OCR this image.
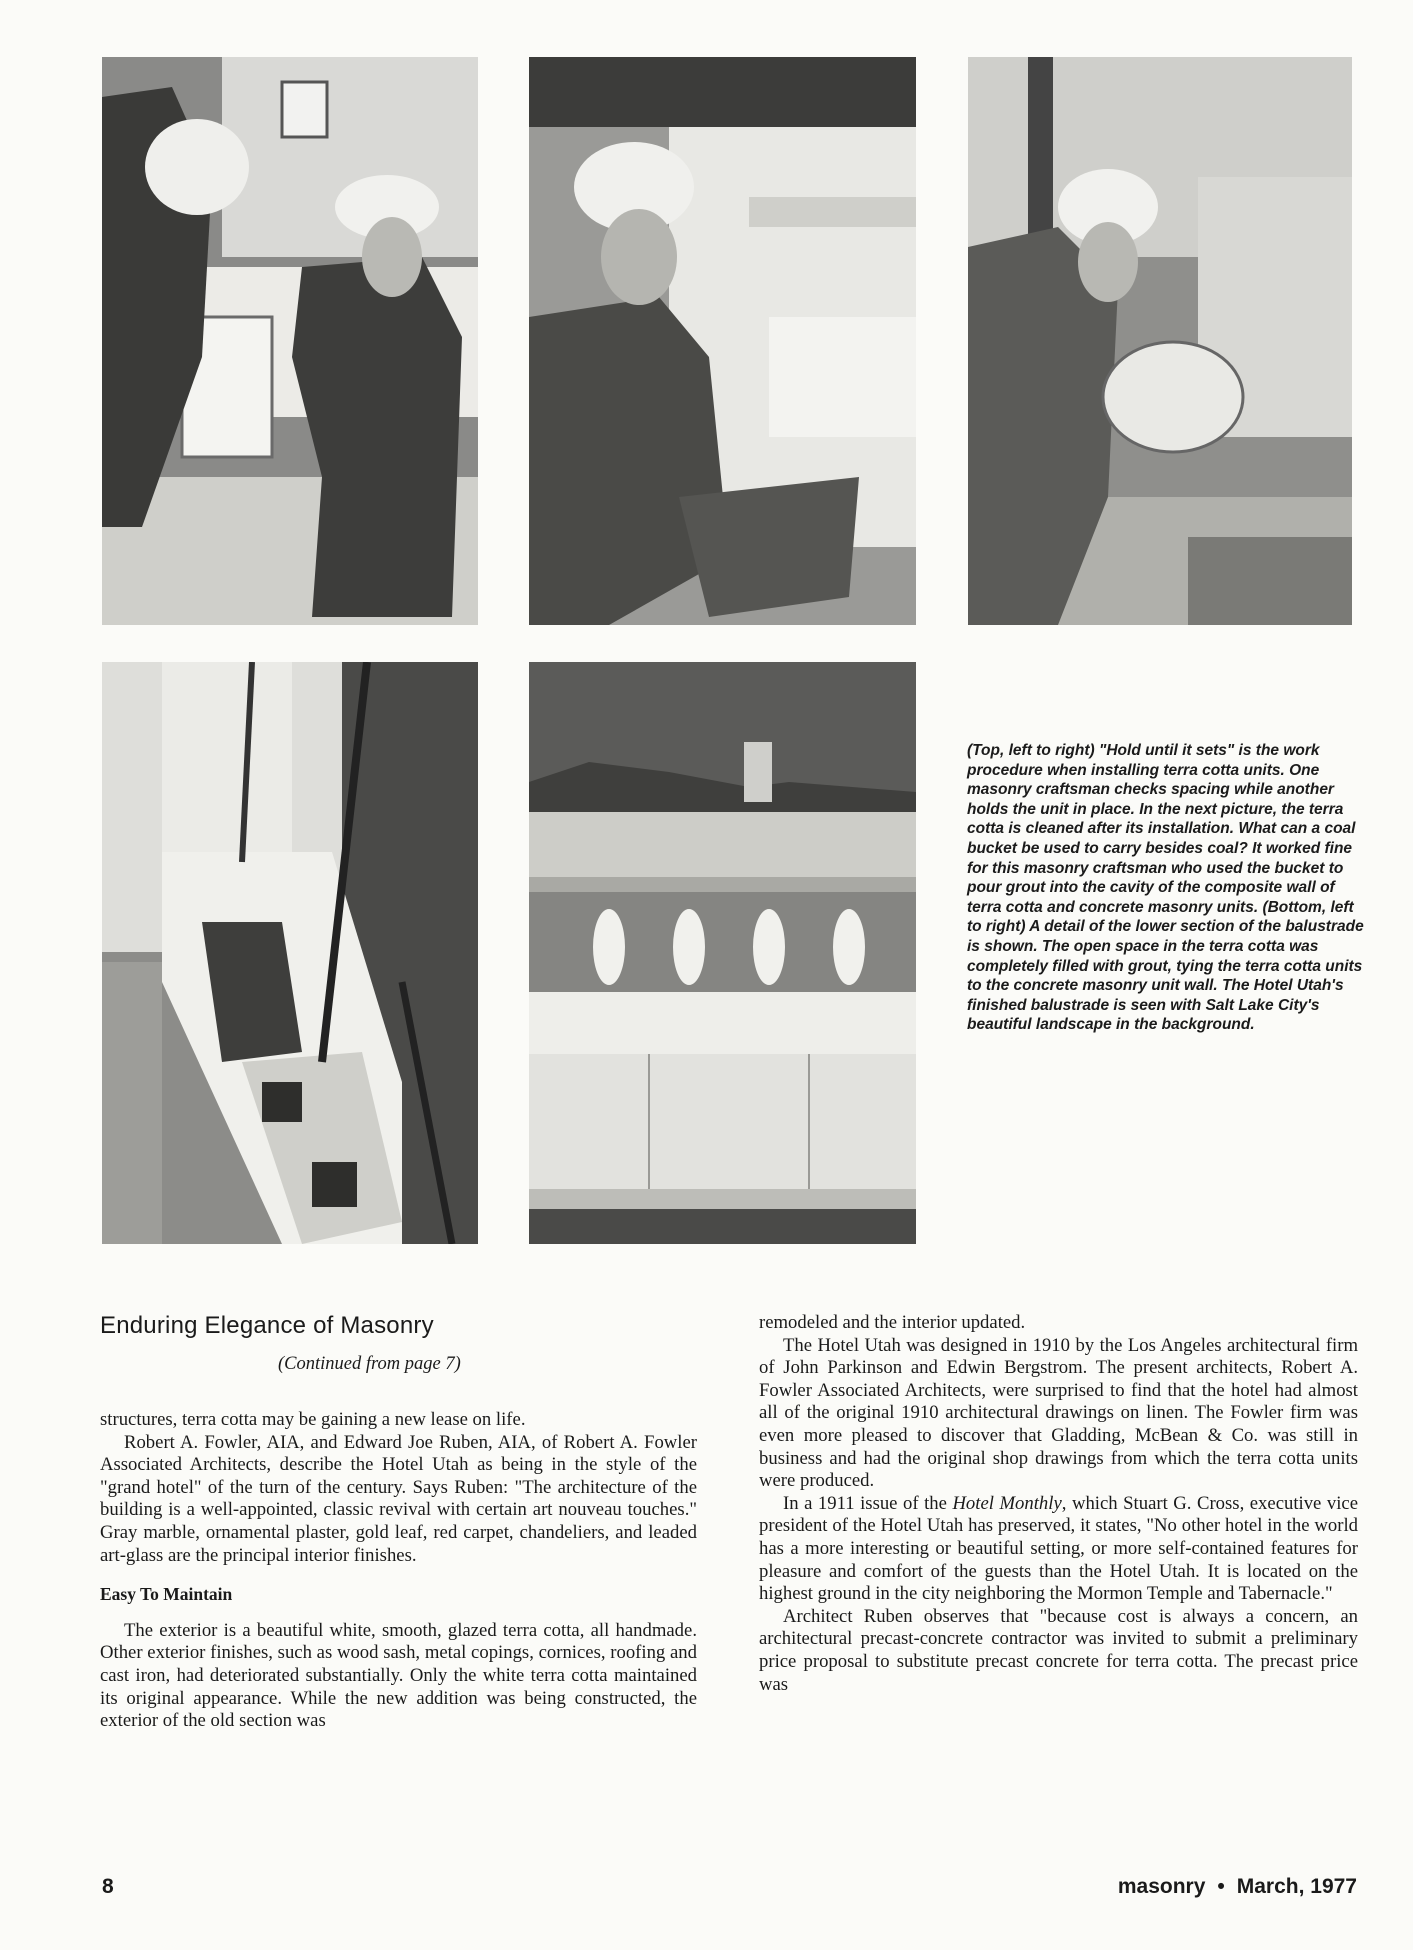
(Top, left to right) "Hold until it sets" is the work procedure when installing terra cotta units. One masonry craftsman checks spacing while another holds the unit in place. In the next picture, the terra cotta is cleaned after its installation. What can a coal bucket be used to carry besides coal? It worked fine for this masonry craftsman who used the bucket to pour grout into the cavity of the composite wall of terra cotta and concrete masonry units. (Bottom, left to right) A detail of the lower section of the balustrade is shown. The open space in the terra cotta was completely filled with grout, tying the terra cotta units to the concrete masonry unit wall. The Hotel Utah's finished balustrade is seen with Salt Lake City's beautiful landscape in the background.
Enduring Elegance of Masonry
(Continued from page 7)

structures, terra cotta may be gaining a new lease on life.

Robert A. Fowler, AIA, and Edward Joe Ruben, AIA, of Robert A. Fowler Associated Architects, describe the Hotel Utah as being in the style of the "grand hotel" of the turn of the century. Says Ruben: "The architecture of the building is a well-appointed, classic revival with certain art nouveau touches." Gray marble, ornamental plaster, gold leaf, red carpet, chandeliers, and leaded art-glass are the principal interior finishes.

Easy To Maintain

The exterior is a beautiful white, smooth, glazed terra cotta, all handmade. Other exterior finishes, such as wood sash, metal copings, cornices, roofing and cast iron, had deteriorated substantially. Only the white terra cotta maintained its original appearance. While the new addition was being constructed, the exterior of the old section was

remodeled and the interior updated.

The Hotel Utah was designed in 1910 by the Los Angeles architectural firm of John Parkinson and Edwin Bergstrom. The present architects, Robert A. Fowler Associated Architects, were surprised to find that the hotel had almost all of the original 1910 architectural drawings on linen. The Fowler firm was even more pleased to discover that Gladding, McBean & Co. was still in business and had the original shop drawings from which the terra cotta units were produced.

In a 1911 issue of the Hotel Monthly, which Stuart G. Cross, executive vice president of the Hotel Utah has preserved, it states, "No other hotel in the world has a more interesting or beautiful setting, or more self-contained features for pleasure and comfort of the guests than the Hotel Utah. It is located on the highest ground in the city neighboring the Mormon Temple and Tabernacle."

Architect Ruben observes that "because cost is always a concern, an architectural precast-concrete contractor was invited to submit a preliminary price proposal to substitute precast concrete for terra cotta. The precast price was

8	masonry • March, 1977
